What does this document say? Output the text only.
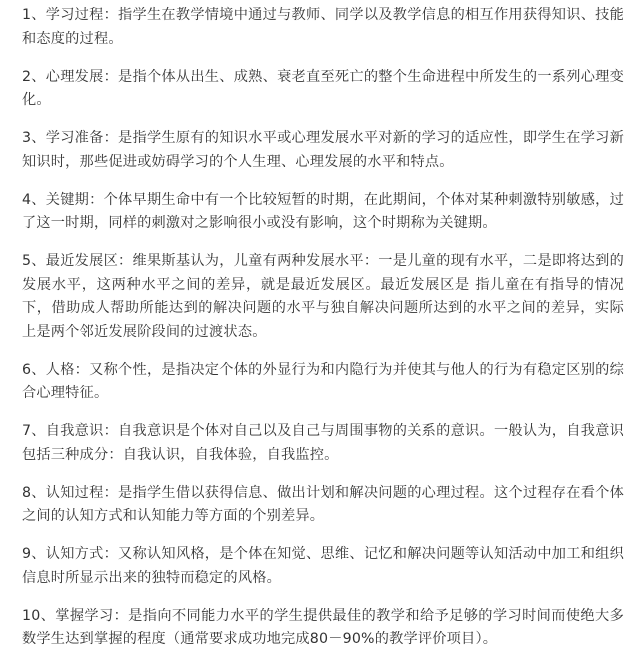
1、学习过程：指学生在教学情境中通过与教师、同学以及教学信息的相互作用获得知识、技能和态度的过程。

2、心理发展：是指个体从出生、成熟、衰老直至死亡的整个生命进程中所发生的一系列心理变化。

3、学习准备：是指学生原有的知识水平或心理发展水平对新的学习的适应性，即学生在学习新知识时，那些促进或妨碍学习的个人生理、心理发展的水平和特点。

4、关键期：个体早期生命中有一个比较短暂的时期，在此期间，个体对某种刺激特别敏感，过了这一时期，同样的刺激对之影响很小或没有影响，这个时期称为关键期。

5、最近发展区：维果斯基认为，儿童有两种发展水平：一是儿童的现有水平，二是即将达到的发展水平，这两种水平之间的差异，就是最近发展区。最近发展区是 指儿童在有指导的情况下，借助成人帮助所能达到的解决问题的水平与独自解决问题所达到的水平之间的差异，实际上是两个邻近发展阶段间的过渡状态。

6、人格：又称个性，是指决定个体的外显行为和内隐行为并使其与他人的行为有稳定区别的综合心理特征。

7、自我意识：自我意识是个体对自己以及自己与周围事物的关系的意识。一般认为，自我意识包括三种成分：自我认识，自我体验，自我监控。

8、认知过程：是指学生借以获得信息、做出计划和解决问题的心理过程。这个过程存在看个体之间的认知方式和认知能力等方面的个别差异。

9、认知方式：又称认知风格，是个体在知觉、思维、记忆和解决问题等认知活动中加工和组织信息时所显示出来的独特而稳定的风格。

10、掌握学习：是指向不同能力水平的学生提供最佳的教学和给予足够的学习时间而使绝大多数学生达到掌握的程度（通常要求成功地完成80－90%的教学评价项目）。
